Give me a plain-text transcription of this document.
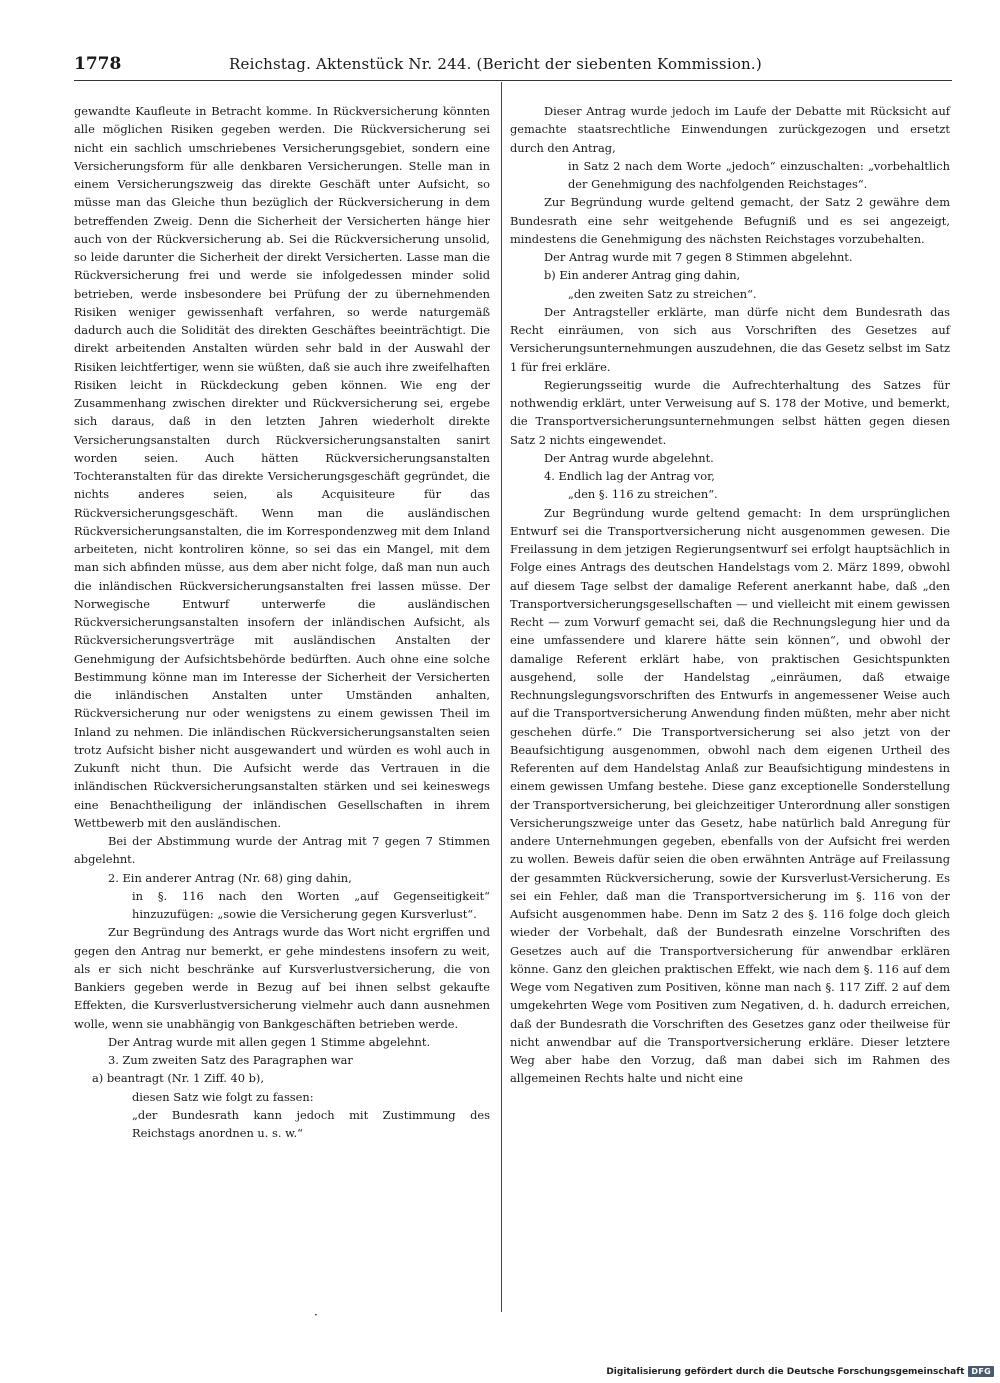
1778	Reichstag. Aktenstück Nr. 244. (Bericht der siebenten Kommission.)

gewandte Kaufleute in Betracht komme. In Rückversicherung könnten alle möglichen Risiken gegeben werden. Die Rückversicherung sei nicht ein sachlich umschriebenes Versicherungsgebiet, sondern eine Versicherungsform für alle denkbaren Versicherungen. Stelle man in einem Versicherungszweig das direkte Geschäft unter Aufsicht, so müsse man das Gleiche thun bezüglich der Rückversicherung in dem betreffenden Zweig. Denn die Sicherheit der Versicherten hänge hier auch von der Rückversicherung ab. Sei die Rückversicherung unsolid, so leide darunter die Sicherheit der direkt Versicherten. Lasse man die Rückversicherung frei und werde sie infolgedessen minder solid betrieben, werde insbesondere bei Prüfung der zu übernehmenden Risiken weniger gewissenhaft verfahren, so werde naturgemäß dadurch auch die Solidität des direkten Geschäftes beeinträchtigt. Die direkt arbeitenden Anstalten würden sehr bald in der Auswahl der Risiken leichtfertiger, wenn sie wüßten, daß sie auch ihre zweifelhaften Risiken leicht in Rückdeckung geben können. Wie eng der Zusammenhang zwischen direkter und Rückversicherung sei, ergebe sich daraus, daß in den letzten Jahren wiederholt direkte Versicherungsanstalten durch Rückversicherungsanstalten sanirt worden seien. Auch hätten Rückversicherungsanstalten Tochteranstalten für das direkte Versicherungsgeschäft gegründet, die nichts anderes seien, als Acquisiteure für das Rückversicherungsgeschäft. Wenn man die ausländischen Rückversicherungsanstalten, die im Korrespondenzweg mit dem Inland arbeiteten, nicht kontroliren könne, so sei das ein Mangel, mit dem man sich abfinden müsse, aus dem aber nicht folge, daß man nun auch die inländischen Rückversicherungsanstalten frei lassen müsse. Der Norwegische Entwurf unterwerfe die ausländischen Rückversicherungsanstalten insofern der inländischen Aufsicht, als Rückversicherungsverträge mit ausländischen Anstalten der Genehmigung der Aufsichtsbehörde bedürften. Auch ohne eine solche Bestimmung könne man im Interesse der Sicherheit der Versicherten die inländischen Anstalten unter Umständen anhalten, Rückversicherung nur oder wenigstens zu einem gewissen Theil im Inland zu nehmen. Die inländischen Rückversicherungsanstalten seien trotz Aufsicht bisher nicht ausgewandert und würden es wohl auch in Zukunft nicht thun. Die Aufsicht werde das Vertrauen in die inländischen Rückversicherungsanstalten stärken und sei keineswegs eine Benachtheiligung der inländischen Gesellschaften in ihrem Wettbewerb mit den ausländischen.

Bei der Abstimmung wurde der Antrag mit 7 gegen 7 Stimmen abgelehnt.

2. Ein anderer Antrag (Nr. 68) ging dahin,

in §. 116 nach den Worten „auf Gegenseitigkeit“ hinzuzufügen: „sowie die Versicherung gegen Kursverlust“.

Zur Begründung des Antrags wurde das Wort nicht ergriffen und gegen den Antrag nur bemerkt, er gehe mindestens insofern zu weit, als er sich nicht beschränke auf Kursverlustversicherung, die von Bankiers gegeben werde in Bezug auf bei ihnen selbst gekaufte Effekten, die Kursverlustversicherung vielmehr auch dann ausnehmen wolle, wenn sie unabhängig von Bankgeschäften betrieben werde.

Der Antrag wurde mit allen gegen 1 Stimme abgelehnt.

3. Zum zweiten Satz des Paragraphen war

a) beantragt (Nr. 1 Ziff. 40 b),

diesen Satz wie folgt zu fassen:

„der Bundesrath kann jedoch mit Zustimmung des Reichstags anordnen u. s. w.“

Dieser Antrag wurde jedoch im Laufe der Debatte mit Rücksicht auf gemachte staatsrechtliche Einwendungen zurückgezogen und ersetzt durch den Antrag,

in Satz 2 nach dem Worte „jedoch“ einzuschalten: „vorbehaltlich der Genehmigung des nachfolgenden Reichstages“.

Zur Begründung wurde geltend gemacht, der Satz 2 gewähre dem Bundesrath eine sehr weitgehende Befugniß und es sei angezeigt, mindestens die Genehmigung des nächsten Reichstages vorzubehalten.

Der Antrag wurde mit 7 gegen 8 Stimmen abgelehnt.

b) Ein anderer Antrag ging dahin,

„den zweiten Satz zu streichen“.

Der Antragsteller erklärte, man dürfe nicht dem Bundesrath das Recht einräumen, von sich aus Vorschriften des Gesetzes auf Versicherungsunternehmungen auszudehnen, die das Gesetz selbst im Satz 1 für frei erkläre.

Regierungsseitig wurde die Aufrechterhaltung des Satzes für nothwendig erklärt, unter Verweisung auf S. 178 der Motive, und bemerkt, die Transportversicherungsunternehmungen selbst hätten gegen diesen Satz 2 nichts eingewendet.

Der Antrag wurde abgelehnt.

4. Endlich lag der Antrag vor,

„den §. 116 zu streichen“.

Zur Begründung wurde geltend gemacht: In dem ursprünglichen Entwurf sei die Transportversicherung nicht ausgenommen gewesen. Die Freilassung in dem jetzigen Regierungsentwurf sei erfolgt hauptsächlich in Folge eines Antrags des deutschen Handelstags vom 2. März 1899, obwohl auf diesem Tage selbst der damalige Referent anerkannt habe, daß „den Transportversicherungsgesellschaften — und vielleicht mit einem gewissen Recht — zum Vorwurf gemacht sei, daß die Rechnungslegung hier und da eine umfassendere und klarere hätte sein können“, und obwohl der damalige Referent erklärt habe, von praktischen Gesichtspunkten ausgehend, solle der Handelstag „einräumen, daß etwaige Rechnungslegungsvorschriften des Entwurfs in angemessener Weise auch auf die Transportversicherung Anwendung finden müßten, mehr aber nicht geschehen dürfe.“ Die Transportversicherung sei also jetzt von der Beaufsichtigung ausgenommen, obwohl nach dem eigenen Urtheil des Referenten auf dem Handelstag Anlaß zur Beaufsichtigung mindestens in einem gewissen Umfang bestehe. Diese ganz exceptionelle Sonderstellung der Transportversicherung, bei gleichzeitiger Unterordnung aller sonstigen Versicherungszweige unter das Gesetz, habe natürlich bald Anregung für andere Unternehmungen gegeben, ebenfalls von der Aufsicht frei werden zu wollen. Beweis dafür seien die oben erwähnten Anträge auf Freilassung der gesammten Rückversicherung, sowie der Kursverlust-Versicherung. Es sei ein Fehler, daß man die Transportversicherung im §. 116 von der Aufsicht ausgenommen habe. Denn im Satz 2 des §. 116 folge doch gleich wieder der Vorbehalt, daß der Bundesrath einzelne Vorschriften des Gesetzes auch auf die Transportversicherung für anwendbar erklären könne. Ganz den gleichen praktischen Effekt, wie nach dem §. 116 auf dem Wege vom Negativen zum Positiven, könne man nach §. 117 Ziff. 2 auf dem umgekehrten Wege vom Positiven zum Negativen, d. h. dadurch erreichen, daß der Bundesrath die Vorschriften des Gesetzes ganz oder theilweise für nicht anwendbar auf die Transportversicherung erkläre. Dieser letztere Weg aber habe den Vorzug, daß man dabei sich im Rahmen des allgemeinen Rechts halte und nicht eine

·
Digitalisierung gefördert durch die Deutsche Forschungsgemeinschaft DFG
